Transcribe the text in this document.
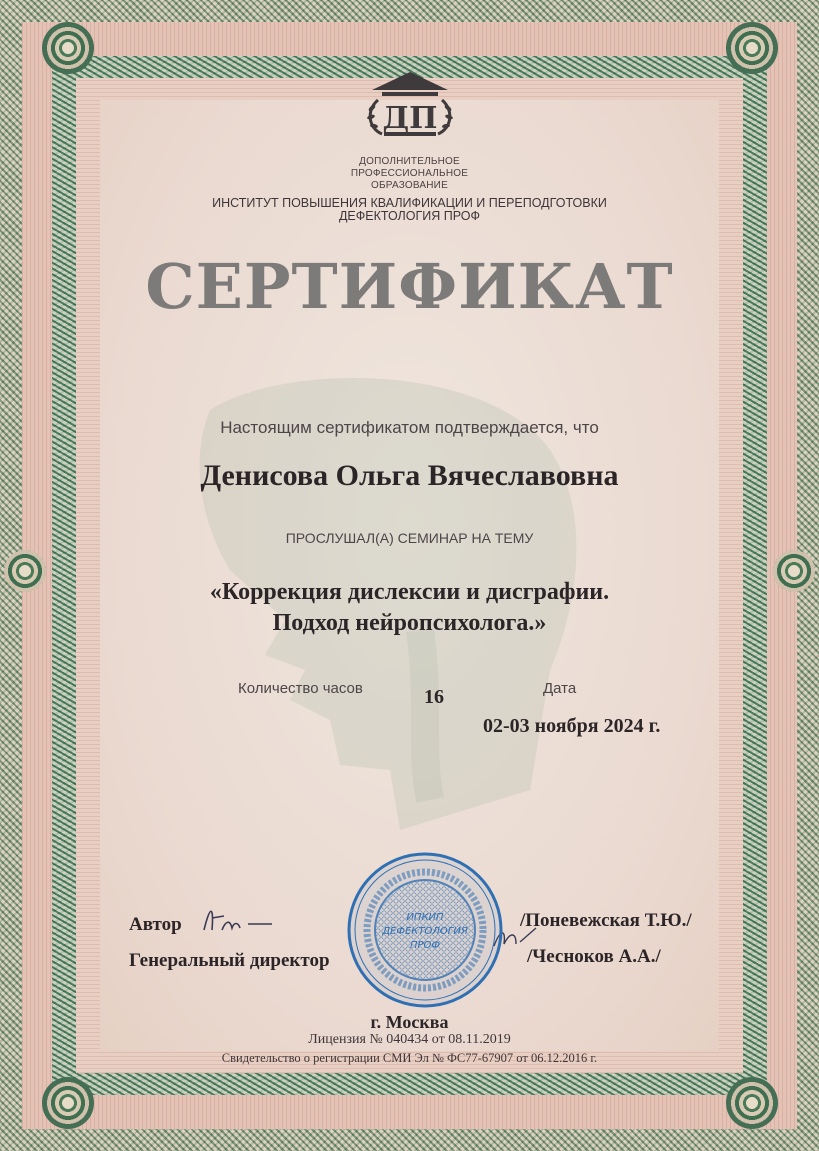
ДП
ДОПОЛНИТЕЛЬНОЕ
ПРОФЕССИОНАЛЬНОЕ
ОБРАЗОВАНИЕ
ИНСТИТУТ ПОВЫШЕНИЯ КВАЛИФИКАЦИИ И ПЕРЕПОДГОТОВКИ
ДЕФЕКТОЛОГИЯ ПРОФ
СЕРТИФИКАТ
Настоящим сертификатом подтверждается, что
Денисова Ольга Вячеславовна
ПРОСЛУШАЛ(А) СЕМИНАР НА ТЕМУ
«Коррекция дислексии и дисграфии.
Подход нейропсихолога.»
Количество часов	16	Дата
02-03 ноября 2024 г.
Автор	/Поневежская Т.Ю./
Генеральный директор	/Чесноков А.А./
ИПКИП
ДЕФЕКТОЛОГИЯ
ПРОФ
г. Москва
Лицензия № 040434 от 08.11.2019
Свидетельство о регистрации СМИ Эл № ФС77-67907 от 06.12.2016 г.
